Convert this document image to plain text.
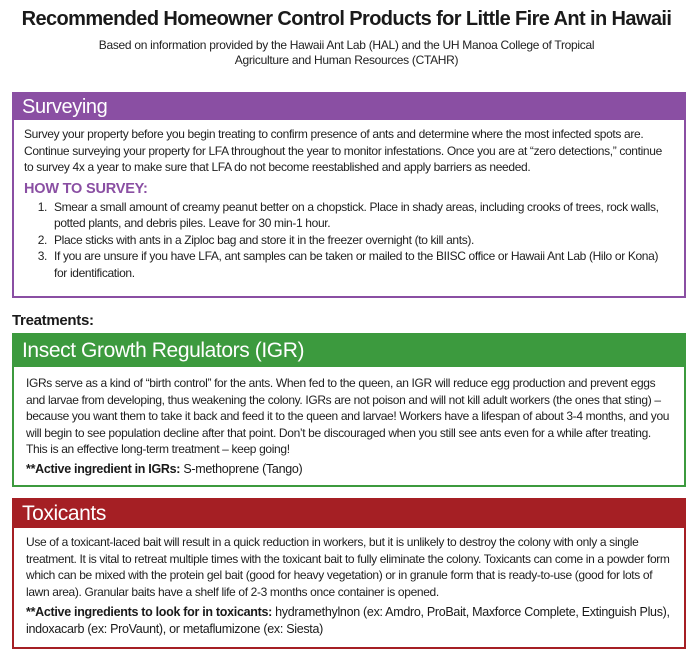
Recommended Homeowner Control Products for Little Fire Ant in Hawaii
Based on information provided by the Hawaii Ant Lab (HAL) and the UH Manoa College of Tropical
Agriculture and Human Resources (CTAHR)
Surveying
Survey your property before you begin treating to confirm presence of ants and determine where the most infected spots are. Continue surveying your property for LFA throughout the year to monitor infestations. Once you are at “zero detections,” continue to survey 4x a year to make sure that LFA do not become reestablished and apply barriers as needed.
HOW TO SURVEY:
1. Smear a small amount of creamy peanut better on a chopstick. Place in shady areas, including crooks of trees, rock walls, potted plants, and debris piles. Leave for 30 min-1 hour.
2. Place sticks with ants in a Ziploc bag and store it in the freezer overnight (to kill ants).
3. If you are unsure if you have LFA, ant samples can be taken or mailed to the BIISC office or Hawaii Ant Lab (Hilo or Kona) for identification.
Treatments:
Insect Growth Regulators (IGR)
IGRs serve as a kind of “birth control” for the ants. When fed to the queen, an IGR will reduce egg production and prevent eggs and larvae from developing, thus weakening the colony. IGRs are not poison and will not kill adult workers (the ones that sting) – because you want them to take it back and feed it to the queen and larvae! Workers have a lifespan of about 3-4 months, and you will begin to see population decline after that point. Don’t be discouraged when you still see ants even for a while after treating. This is an effective long-term treatment – keep going!
**Active ingredient in IGRs: S-methoprene (Tango)
Toxicants
Use of a toxicant-laced bait will result in a quick reduction in workers, but it is unlikely to destroy the colony with only a single treatment. It is vital to retreat multiple times with the toxicant bait to fully eliminate the colony. Toxicants can come in a powder form which can be mixed with the protein gel bait (good for heavy vegetation) or in granule form that is ready-to-use (good for lots of lawn area). Granular baits have a shelf life of 2-3 months once container is opened.
**Active ingredients to look for in toxicants: hydramethylnon (ex: Amdro, ProBait, Maxforce Complete, Extinguish Plus), indoxacarb (ex: ProVaunt), or metaflumizone (ex: Siesta)
